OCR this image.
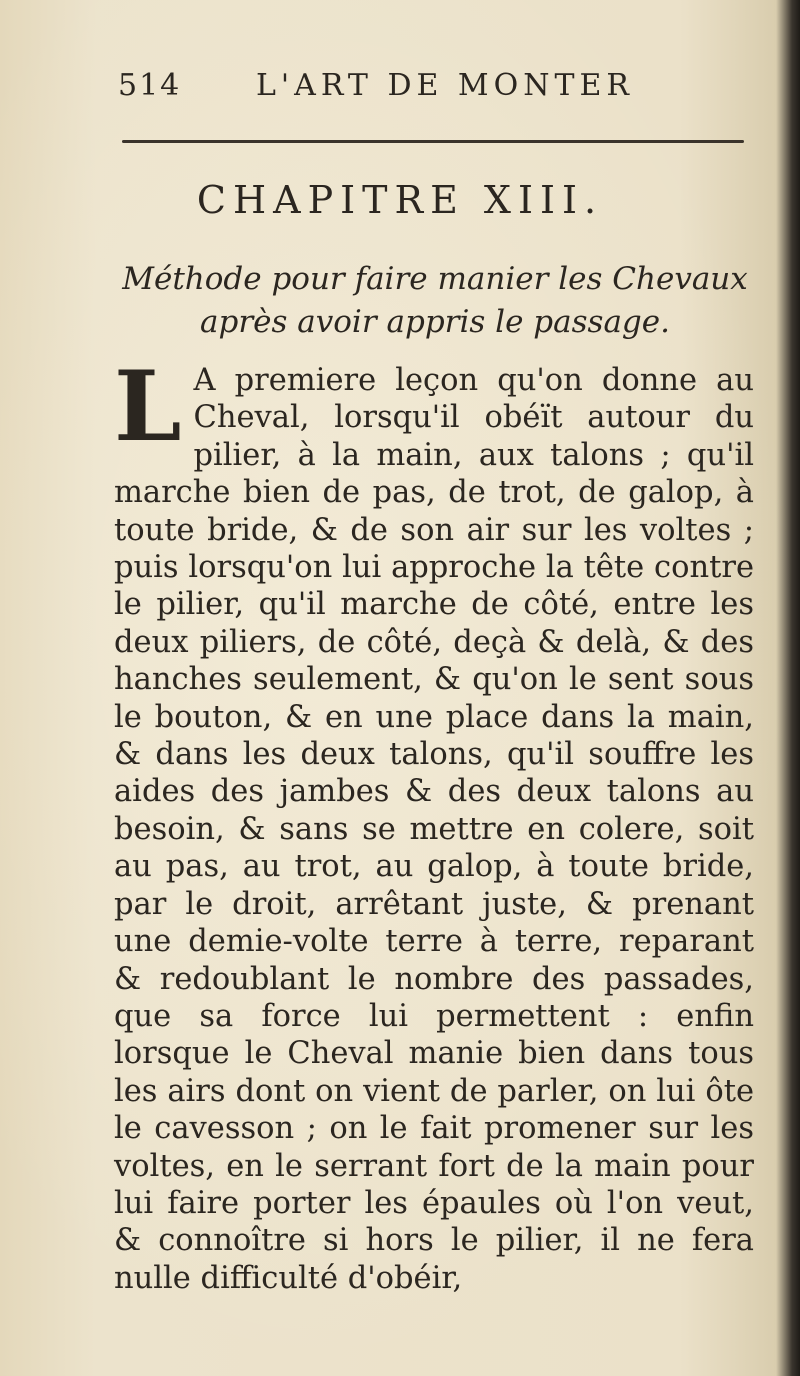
514 L'ART DE MONTER
CHAPITRE XIII.
Méthode pour faire manier les Chevaux après avoir appris le passage.
L A premiere leçon qu'on donne au Cheval, lorsqu'il obéït autour du pilier, à la main, aux talons ; qu'il marche bien de pas, de trot, de galop, à toute bride, & de son air sur les voltes ; puis lorsqu'on lui approche la tête contre le pilier, qu'il marche de côté, entre les deux piliers, de côté, deçà & delà, & des hanches seulement, & qu'on le sent sous le bouton, & en une place dans la main, & dans les deux talons, qu'il souffre les aides des jambes & des deux talons au besoin, & sans se mettre en colere, soit au pas, au trot, au galop, à toute bride, par le droit, arrêtant juste, & prenant une demie-volte terre à terre, reparant & redoublant le nombre des passades, que sa force lui permettent : enfin lorsque le Cheval manie bien dans tous les airs dont on vient de parler, on lui ôte le cavesson ; on le fait promener sur les voltes, en le serrant fort de la main pour lui faire porter les épaules où l'on veut, & connoître si hors le pilier, il ne fera nulle difficulté d'obéir,
